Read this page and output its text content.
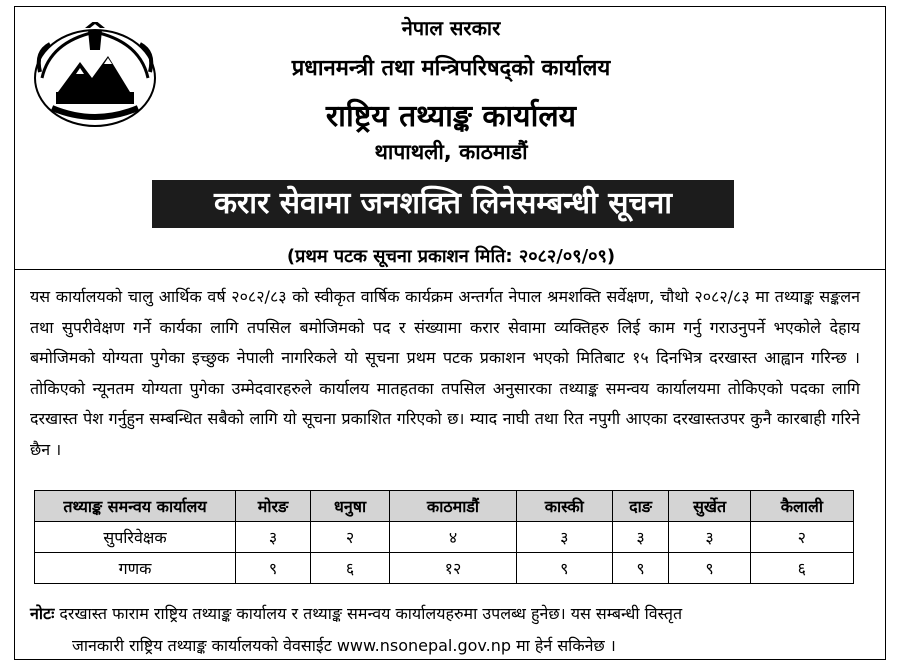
नेपाल सरकार
प्रधानमन्त्री तथा मन्त्रिपरिषद्को कार्यालय
राष्ट्रिय तथ्याङ्क कार्यालय
थापाथली, काठमाडौं
करार सेवामा जनशक्ति लिनेसम्बन्धी सूचना
(प्रथम पटक सूचना प्रकाशन मिति: २०८२/०९/०९)
यस कार्यालयको चालु आर्थिक वर्ष २०८२/८३ को स्वीकृत वार्षिक कार्यक्रम अन्तर्गत नेपाल श्रमशक्ति सर्वेक्षण, चौथो २०८२/८३ मा तथ्याङ्क सङ्कलन तथा सुपरीवेक्षण गर्ने कार्यका लागि तपसिल बमोजिमको पद र संख्यामा करार सेवामा व्यक्तिहरु लिई काम गर्नु गराउनुपर्ने भएकोले देहाय बमोजिमको योग्यता पुगेका इच्छुक नेपाली नागरिकले यो सूचना प्रथम पटक प्रकाशन भएको मितिबाट १५ दिनभित्र दरखास्त आह्वान गरिन्छ । तोकिएको न्यूनतम योग्यता पुगेका उम्मेदवारहरुले कार्यालय मातहतका तपसिल अनुसारका तथ्याङ्क समन्वय कार्यालयमा तोकिएको पदका लागि दरखास्त पेश गर्नुहुन सम्बन्धित सबैको लागि यो सूचना प्रकाशित गरिएको छ। म्याद नाघी तथा रित नपुगी आएका दरखास्तउपर कुनै कारबाही गरिने छैन ।
तथ्याङ्क समन्वय कार्यालय	मोरङ	धनुषा	काठमाडौं	कास्की	दाङ	सुर्खेत	कैलाली
सुपरिवेक्षक	३	२	४	३	३	३	२
गणक	९	६	१२	९	९	९	६
नोटः दरखास्त फाराम राष्ट्रिय तथ्याङ्क कार्यालय र तथ्याङ्क समन्वय कार्यालयहरुमा उपलब्ध हुनेछ। यस सम्बन्धी विस्तृत
जानकारी राष्ट्रिय तथ्याङ्क कार्यालयको वेवसाईट www.nsonepal.gov.np मा हेर्न सकिनेछ ।
